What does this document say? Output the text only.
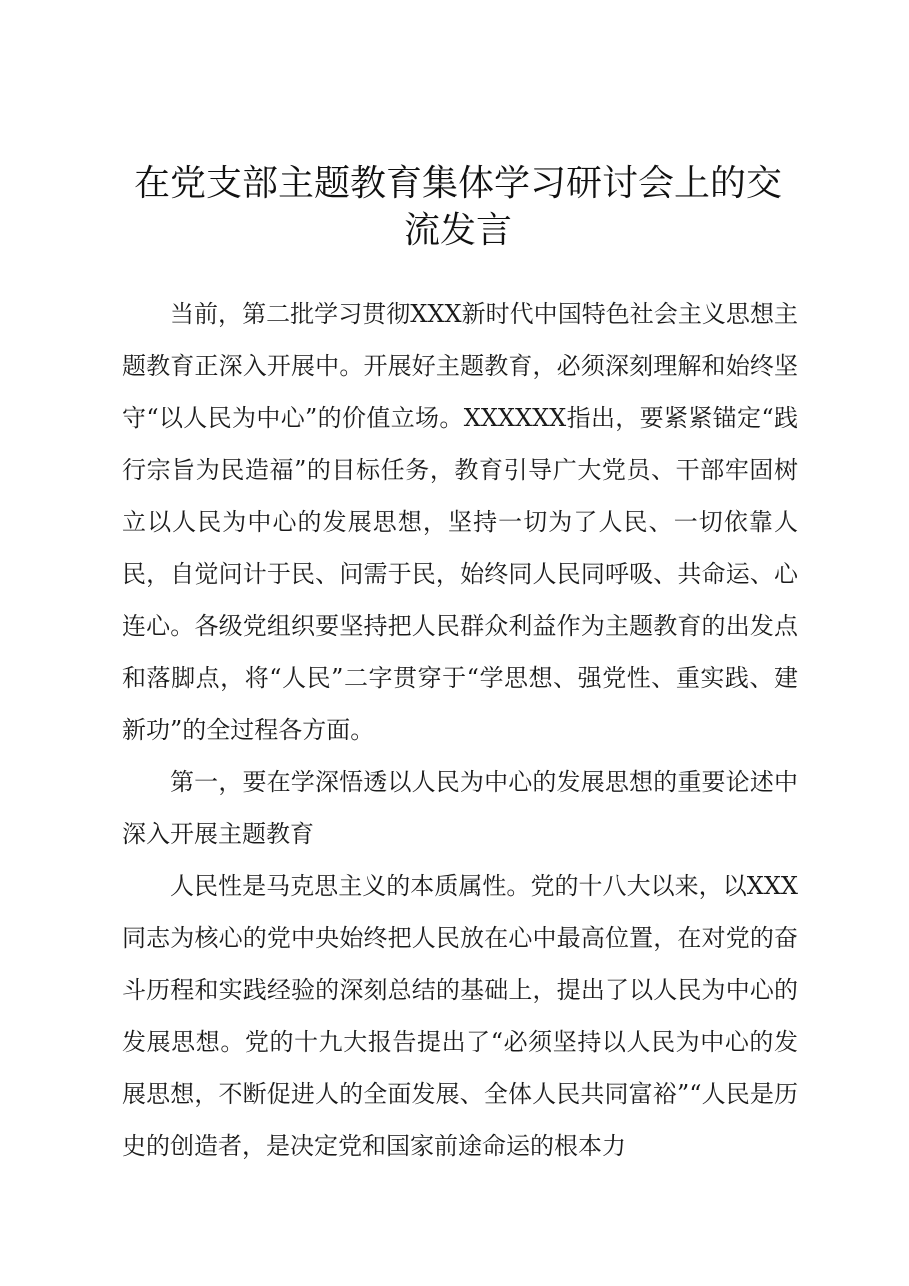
在党支部主题教育集体学习研讨会上的交流发言

当前，第二批学习贯彻XXX新时代中国特色社会主义思想主题教育正深入开展中。开展好主题教育，必须深刻理解和始终坚守“以人民为中心”的价值立场。XXXXXX指出，要紧紧锚定“践行宗旨为民造福”的目标任务，教育引导广大党员、干部牢固树立以人民为中心的发展思想，坚持一切为了人民、一切依靠人民，自觉问计于民、问需于民，始终同人民同呼吸、共命运、心连心。各级党组织要坚持把人民群众利益作为主题教育的出发点和落脚点，将“人民”二字贯穿于“学思想、强党性、重实践、建新功”的全过程各方面。

第一，要在学深悟透以人民为中心的发展思想的重要论述中深入开展主题教育

人民性是马克思主义的本质属性。党的十八大以来，以XXX同志为核心的党中央始终把人民放在心中最高位置，在对党的奋斗历程和实践经验的深刻总结的基础上，提出了以人民为中心的发展思想。党的十九大报告提出了“必须坚持以人民为中心的发展思想，不断促进人的全面发展、全体人民共同富裕”“人民是历史的创造者，是决定党和国家前途命运的根本力
